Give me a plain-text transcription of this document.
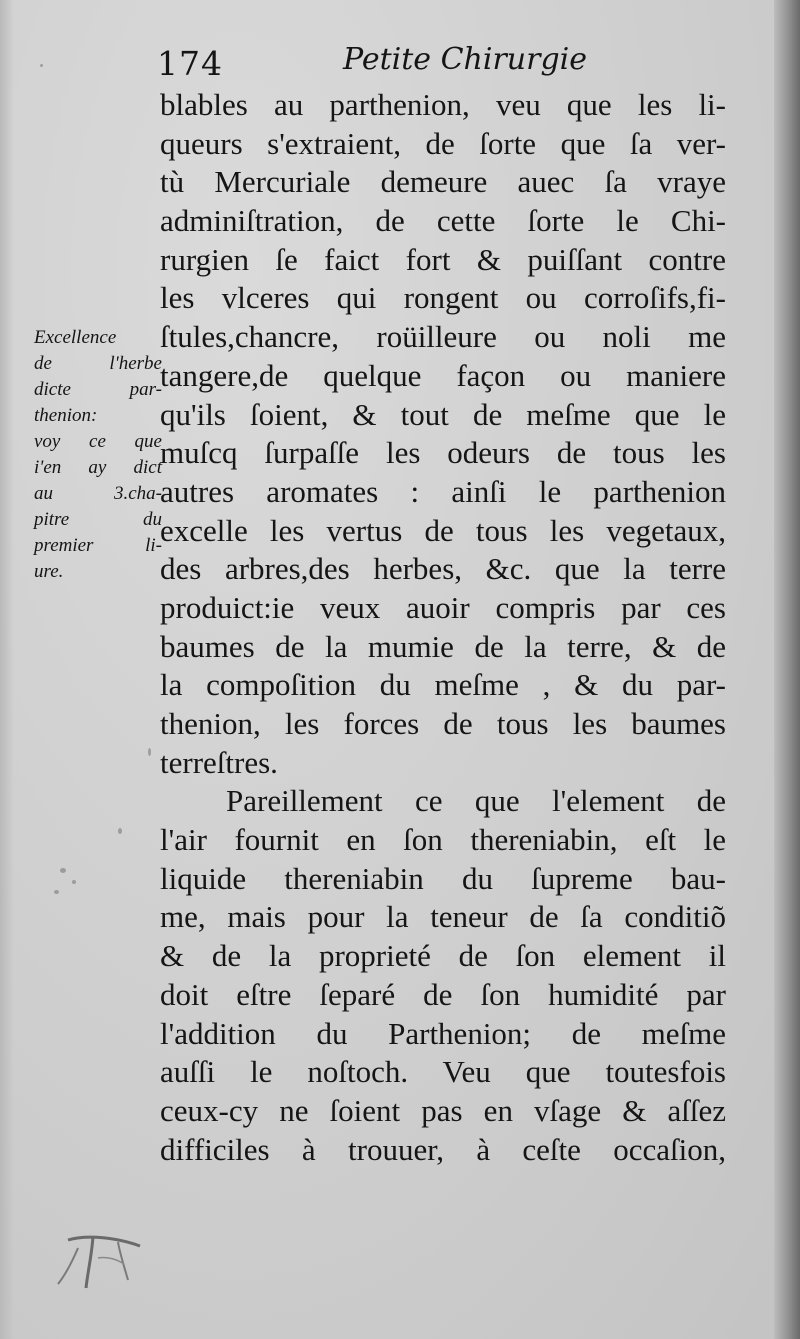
174	Petite Chirurgie
Excellence
de l'herbe
dicte par-
thenion:
voy ce que
i'en ay dict
au 3.cha-
pitre du
premier li-
ure.
blables au parthenion, veu que les li-
queurs s'extraient, de ſorte que ſa ver-
tù Mercuriale demeure auec ſa vraye
adminiſtration, de cette ſorte le Chi-
rurgien ſe faict fort & puiſſant contre
les vlceres qui rongent ou corroſifs,fi-
ſtules,chancre, roüilleure ou noli me
tangere,de quelque façon ou maniere
qu'ils ſoient, & tout de meſme que le
muſcq ſurpaſſe les odeurs de tous les
autres aromates : ainſi le parthenion
excelle les vertus de tous les vegetaux,
des arbres,des herbes, &c. que la terre
produict:ie veux auoir compris par ces
baumes de la mumie de la terre, & de
la compoſition du meſme , & du par-
thenion, les forces de tous les baumes
terreſtres.
Pareillement ce que l'element de
l'air fournit en ſon thereniabin, eſt le
liquide thereniabin du ſupreme bau-
me, mais pour la teneur de ſa conditiõ
& de la proprieté de ſon element il
doit eſtre ſeparé de ſon humidité par
l'addition du Parthenion; de meſme
auſſi le noſtoch. Veu que toutesfois
ceux-cy ne ſoient pas en vſage & aſſez
difficiles à trouuer, à ceſte occaſion,
